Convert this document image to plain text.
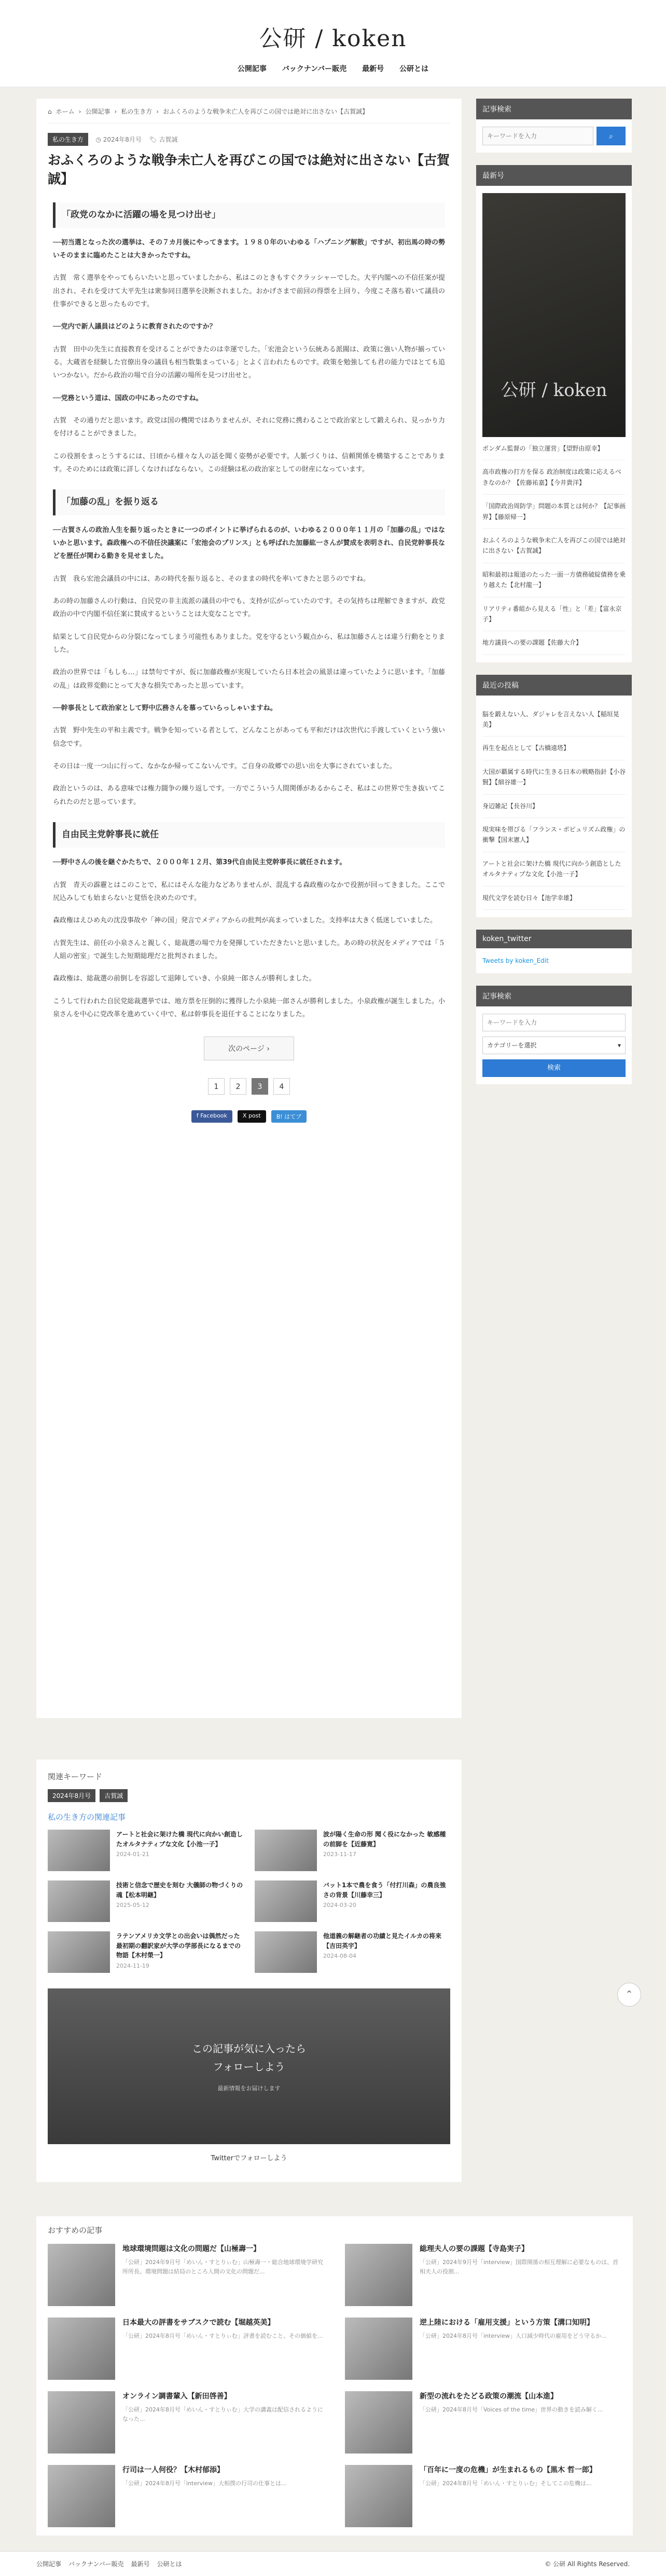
公研 / koken
公開記事 バックナンバー販売 最新号 公研とは
⌂ ホーム › 公開記事 › 私の生き方 › おふくろのような戦争未亡人を再びこの国では絶対に出さない【古賀誠】
私の生き方 ◷ 2024年8月号 🏷 古賀誠
おふくろのような戦争未亡人を再びこの国では絶対に出さない【古賀誠】
「政党のなかに活躍の場を見つけ出せ」

──初当選となった次の選挙は、その７カ月後にやってきます。１９８０年のいわゆる「ハプニング解散」ですが、初出馬の時の勢いそのままに臨めたことは大きかったですね。

古賀　常く選挙をやってもらいたいと思っていましたから、私はこのときもすぐクラッシャーでした。大平内閣への不信任案が提出され、それを受けて大平先生は衆参同日選挙を決断されました。おかげさまで前回の得票を上回り、今度こそ落ち着いて議員の仕事ができると思ったものです。

──党内で新人議員はどのように教育されたのですか？

古賀　田中の先生に直接教育を受けることができたのは幸運でした。「宏池会という伝統ある派閥は、政策に強い人物が揃っている。大蔵省を経験した官僚出身の議員も相当数集まっている」とよく言われたものです。政策を勉強しても君の能力ではとても追いつかない。だから政治の場で自分の活躍の場所を見つけ出せと。

──党務という道は、国政の中にあったのですね。

古賀　その通りだと思います。政党は国の機関ではありませんが、それに党務に携わることで政治家として鍛えられ、見っかり力を付けることができました。

この役割をまっとうするには、日頃から様々な人の話を聞く姿勢が必要です。人脈づくりは、信頼関係を構築することであります。そのためには政策に詳しくなければならない。この経験は私の政治家としての財産になっています。

「加藤の乱」を振り返る

──古賀さんの政治人生を振り返ったときに一つのポイントに挙げられるのが、いわゆる２０００年１１月の「加藤の乱」ではないかと思います。森政権への不信任決議案に「宏池会のプリンス」とも呼ばれた加藤紘一さんが賛成を表明され、自民党幹事長などを歴任が関わる動きを見せました。

古賀　我ら宏池会議員の中には、あの時代を振り返ると、そのままの時代を率いてきたと思うのですね。

あの時の加藤さんの行動は、自民党の非主流派の議員の中でも、支持が広がっていたのです。その気持ちは理解できますが、政党政治の中で内閣不信任案に賛成するということは大変なことです。

結果として自民党からの分裂になってしまう可能性もありました。党を守るという観点から、私は加藤さんとは違う行動をとりました。

政治の世界では「もしも…」は禁句ですが、仮に加藤政権が実現していたら日本社会の風景は違っていたように思います。「加藤の乱」は政界変動にとって大きな損失であったと思っています。

──幹事長として政治家として野中広務さんを慕っていらっしゃいますね。

古賀　野中先生の平和主義です。戦争を知っている者として、どんなことがあっても平和だけは次世代に手渡していくという強い信念です。

その日は一度一つ山に行って、なかなか帰ってこないんです。ご自身の故郷での思い出を大事にされていました。

政治というのは、ある意味では権力闘争の繰り返しです。一方でこういう人間関係があるからこそ、私はこの世界で生き抜いてこられたのだと思っています。

自由民主党幹事長に就任

──野中さんの後を継ぐかたちで、２０００年１２月、第39代自由民主党幹事長に就任されます。

古賀　青天の霹靂とはこのことで、私にはそんな能力などありませんが、混乱する森政権のなかで役割が回ってきました。ここで尻込みしても始まらないと覚悟を決めたのです。

森政権はえひめ丸の沈没事故や「神の国」発言でメディアからの批判が高まっていました。支持率は大きく低迷していました。

古賀先生は、前任の小泉さんと親しく、総裁選の場で力を発揮していただきたいと思いました。あの時の状況をメディアでは「５人組の密室」で誕生した短期総理だと批判されました。

森政権は、総裁選の前倒しを容認して退陣していき、小泉純一郎さんが勝利しました。

こうして行われた自民党総裁選挙では、地方票を圧倒的に獲得した小泉純一郎さんが勝利しました。小泉政権が誕生しました。小泉さんを中心に党改革を進めていく中で、私は幹事長を退任することになりました。

次のページ ›
1	2	3	4
f Facebook	X post	B! はてブ
記事検索
キーワードを入力
⌕
最新号
公研 / koken
ボンダム監督の「独立運営」【望野由原幸】
高市政権の打方を保る 政治制度は政策に応えるべきなのか？【佐藤祐嘉】【今井貴洋】
「国際政治周防学」問題の本質とは何か？【記事画界】【藤原帰一】
おふくろのような戦争未亡人を再びこの国では絶対に出さない【古賀誠】
昭和最初は報道のたった一面一方債務破綻債務を乗り越えた【北村龍一】
リアリティ番組から見える「性」と「差」【富永京子】
地方議員への要の課題【佐藤大介】
最近の投稿
脳を鍛えない人、ダジャレを言えない人【稲垣晃美】
再生を起点として【古橋遠塔】
大国が覇属する時代に生きる日本の戦略指針【小谷賢】【細谷雄一】
身辺雑記【長谷川】
現実味を帯びる「フランス・ポピュリズム政権」の衝撃【国末憲人】
アートと社会に架けた橋 現代に向かう創造としたオルタナティブな文化【小池一子】
現代文学を読む日々【池学幸雄】
koken_twitter
Tweets by koken_Edit
記事検索
キーワードを入力
カテゴリーを選択	▾
検索
関連キーワード
2024年8月号	古賀誠
私の生き方の関連記事
アートと社会に架けた橋 現代に向かい創造したオルタナティブな文化【小池一子】
2024-01-21
波が陽く生命の形 聞く役になかった 敏感種の前脚を【近藤寛】
2023-11-17
技術と信念で歴史を刻む 大儀師の物づくりの魂【松本明継】
2025-05-12
バット1本で農を食う「付打川森」の農良強さの背景【川藤幸三】
2024-03-20
ラテンアメリカ文学との出会いは偶然だった 最初期の翻訳家が大学の学部長になるまでの物語【木村榮一】
2024-11-19
他道義の解継者の功績と見たイルカの将来【吉田英宇】
2024-08-04
この記事が気に入ったら
フォローしよう
最新情報をお届けします
Twitterでフォローしよう
おすすめの記事
地球環境問題は文化の問題だ【山極壽一】
「公研」2024年9月号「めいん・すとりぃむ」山極壽一・総合地球環境学研究所所長。環境問題は結局のところ人間の文化の問題だ...
総理夫人の要の課題【寺島実子】
「公研」2024年9月号「interview」国際関係の相互理解に必要なものは、首相夫人の役割...
日本最大の評書をサブスクで読む【堀越英美】
「公研」2024年8月号「めいん・すとりぃむ」評書を読むこと、その価値を...
逆上陸における「雇用支援」という方策【溝口知明】
「公研」2024年8月号「interview」人口減少時代の雇用をどう守るか...
オンライン調書輩入【新田啓善】
「公研」2024年8月号「めいん・すとりぃむ」大学の講義は配信されるようになった...
新型の流れをたどる政策の潮流【山本進】
「公研」2024年8月号「Voices of the time」世界の動きを読み解く...
行司は一人何役？【木村郁添】
「公研」2024年8月号「interview」大相撲の行司の仕事とは...
「百年に一度の危機」が生まれるもの【黒木 哲一郎】
「公研」2024年8月号「めいん・すとりぃむ」そしてこの危機は...
⌃
公開記事 バックナンバー販売 最新号 公研とは	© 公研 All Rights Reserved.
